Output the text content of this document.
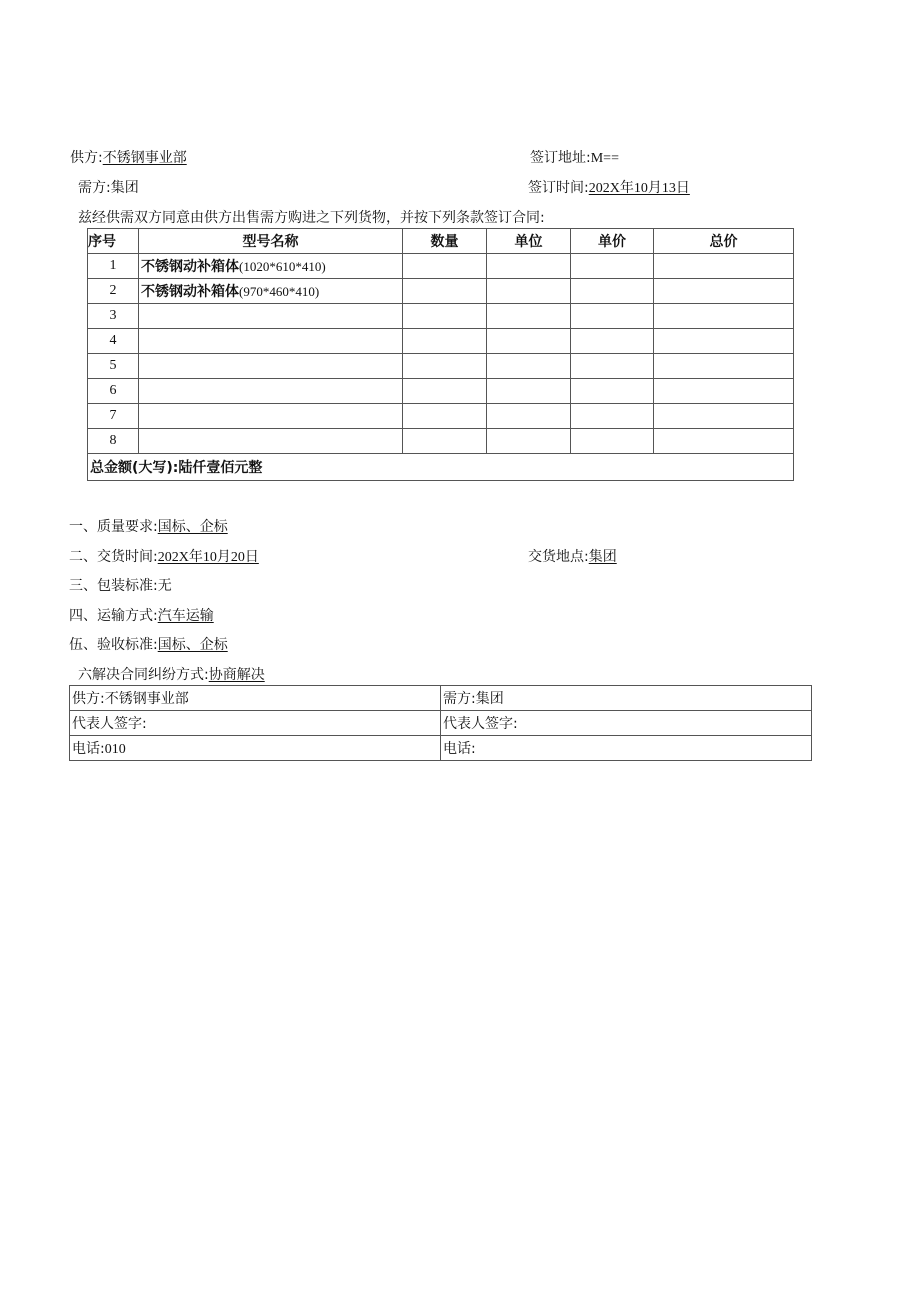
供方:不锈钢事业部	签订地址:M==
需方:集团	签订时间:202X年10月13日
兹经供需双方同意由供方出售需方购进之下列货物，并按下列条款签订合同:
序号	型号名称	数量	单位	单价	总价
1	不锈钢动补箱体(1020*610*410)				
2	不锈钢动补箱体(970*460*410)				
3					
4					
5					
6					
7					
8					
总金额(大写):陆仟壹佰元整					
一、质量要求:国标、企标
二、交货时间:202X年10月20日	交货地点:集团
三、包装标准:无
四、运输方式:汽车运输
伍、验收标准:国标、企标
六解决合同纠纷方式:协商解决
供方:不锈钢事业部	需方:集团
代表人签字:	代表人签字:
电话:010	电话:
